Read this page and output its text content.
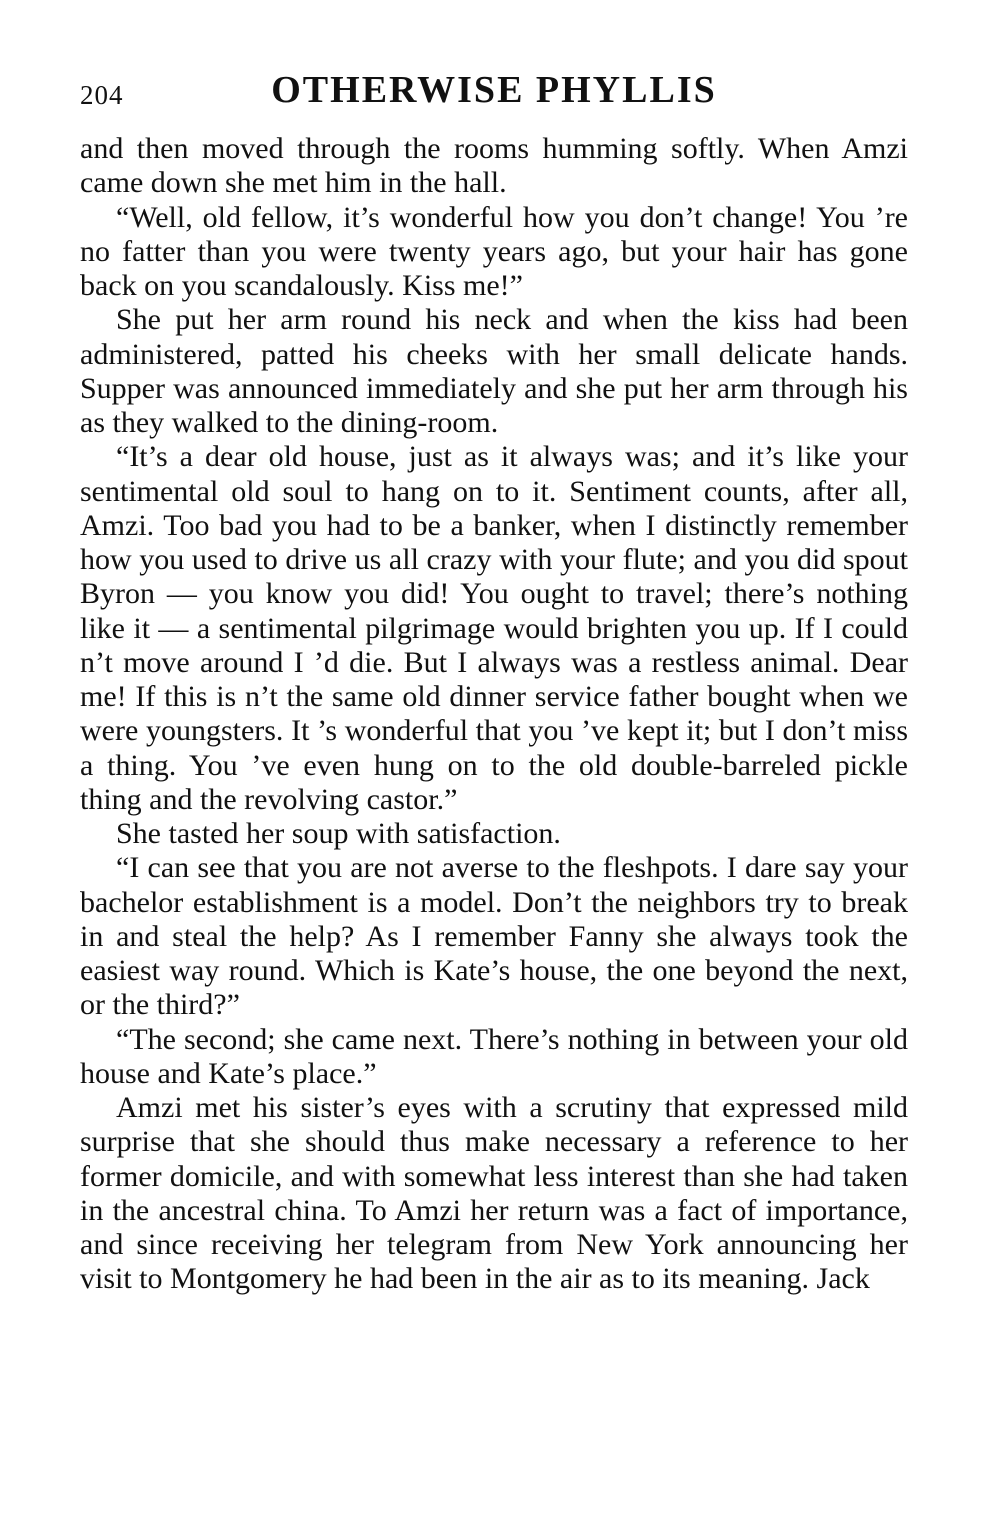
204	OTHERWISE PHYLLIS

and then moved through the rooms humming softly. When Amzi came down she met him in the hall.

“Well, old fellow, it’s wonderful how you don’t change! You ’re no fatter than you were twenty years ago, but your hair has gone back on you scandalously. Kiss me!”

She put her arm round his neck and when the kiss had been administered, patted his cheeks with her small delicate hands. Supper was announced immediately and she put her arm through his as they walked to the dining-room.

“It’s a dear old house, just as it always was; and it’s like your sentimental old soul to hang on to it. Sentiment counts, after all, Amzi. Too bad you had to be a banker, when I distinctly remember how you used to drive us all crazy with your flute; and you did spout Byron — you know you did! You ought to travel; there’s nothing like it — a sentimental pilgrimage would brighten you up. If I could n’t move around I ’d die. But I always was a restless animal. Dear me! If this is n’t the same old dinner service father bought when we were youngsters. It ’s wonderful that you ’ve kept it; but I don’t miss a thing. You ’ve even hung on to the old double-barreled pickle thing and the revolving castor.”

She tasted her soup with satisfaction.

“I can see that you are not averse to the fleshpots. I dare say your bachelor establishment is a model. Don’t the neighbors try to break in and steal the help? As I remember Fanny she always took the easiest way round. Which is Kate’s house, the one beyond the next, or the third?”

“The second; she came next. There’s nothing in between your old house and Kate’s place.”

Amzi met his sister’s eyes with a scrutiny that expressed mild surprise that she should thus make necessary a reference to her former domicile, and with somewhat less interest than she had taken in the ancestral china. To Amzi her return was a fact of importance, and since receiving her telegram from New York announcing her visit to Montgomery he had been in the air as to its meaning. Jack
